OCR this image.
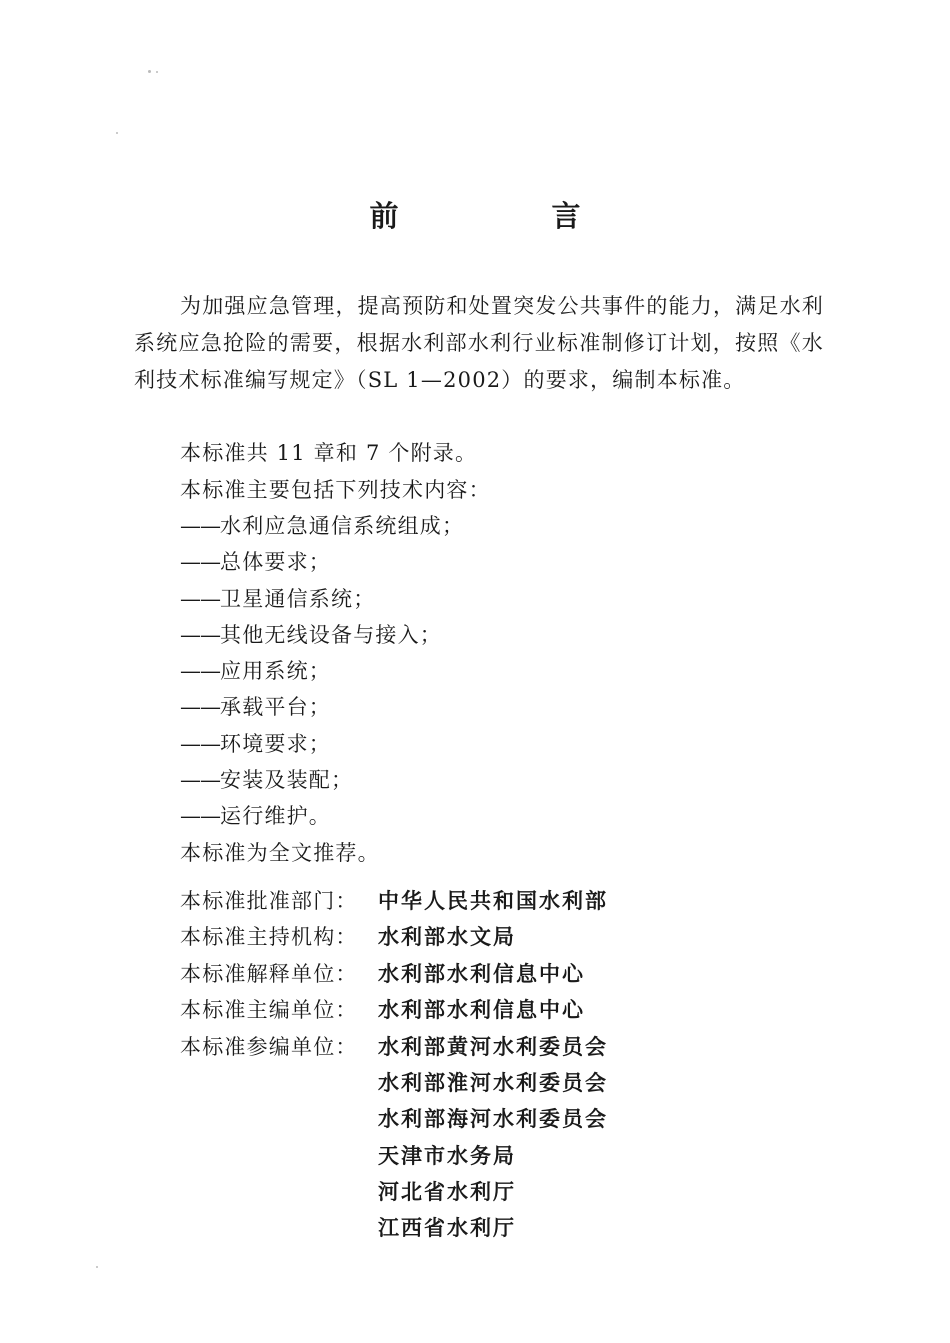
前　言
为加强应急管理，提高预防和处置突发公共事件的能力，满足水利系统应急抢险的需要，根据水利部水利行业标准制修订计划，按照《水利技术标准编写规定》（SL 1—2002）的要求，编制本标准。
本标准共 11 章和 7 个附录。
本标准主要包括下列技术内容：
——水利应急通信系统组成；
——总体要求；
——卫星通信系统；
——其他无线设备与接入；
——应用系统；
——承载平台；
——环境要求；
——安装及装配；
——运行维护。
本标准为全文推荐。
本标准批准部门： 中华人民共和国水利部
本标准主持机构： 水利部水文局
本标准解释单位： 水利部水利信息中心
本标准主编单位： 水利部水利信息中心
本标准参编单位： 水利部黄河水利委员会
水利部淮河水利委员会
水利部海河水利委员会
天津市水务局
河北省水利厅
江西省水利厅
